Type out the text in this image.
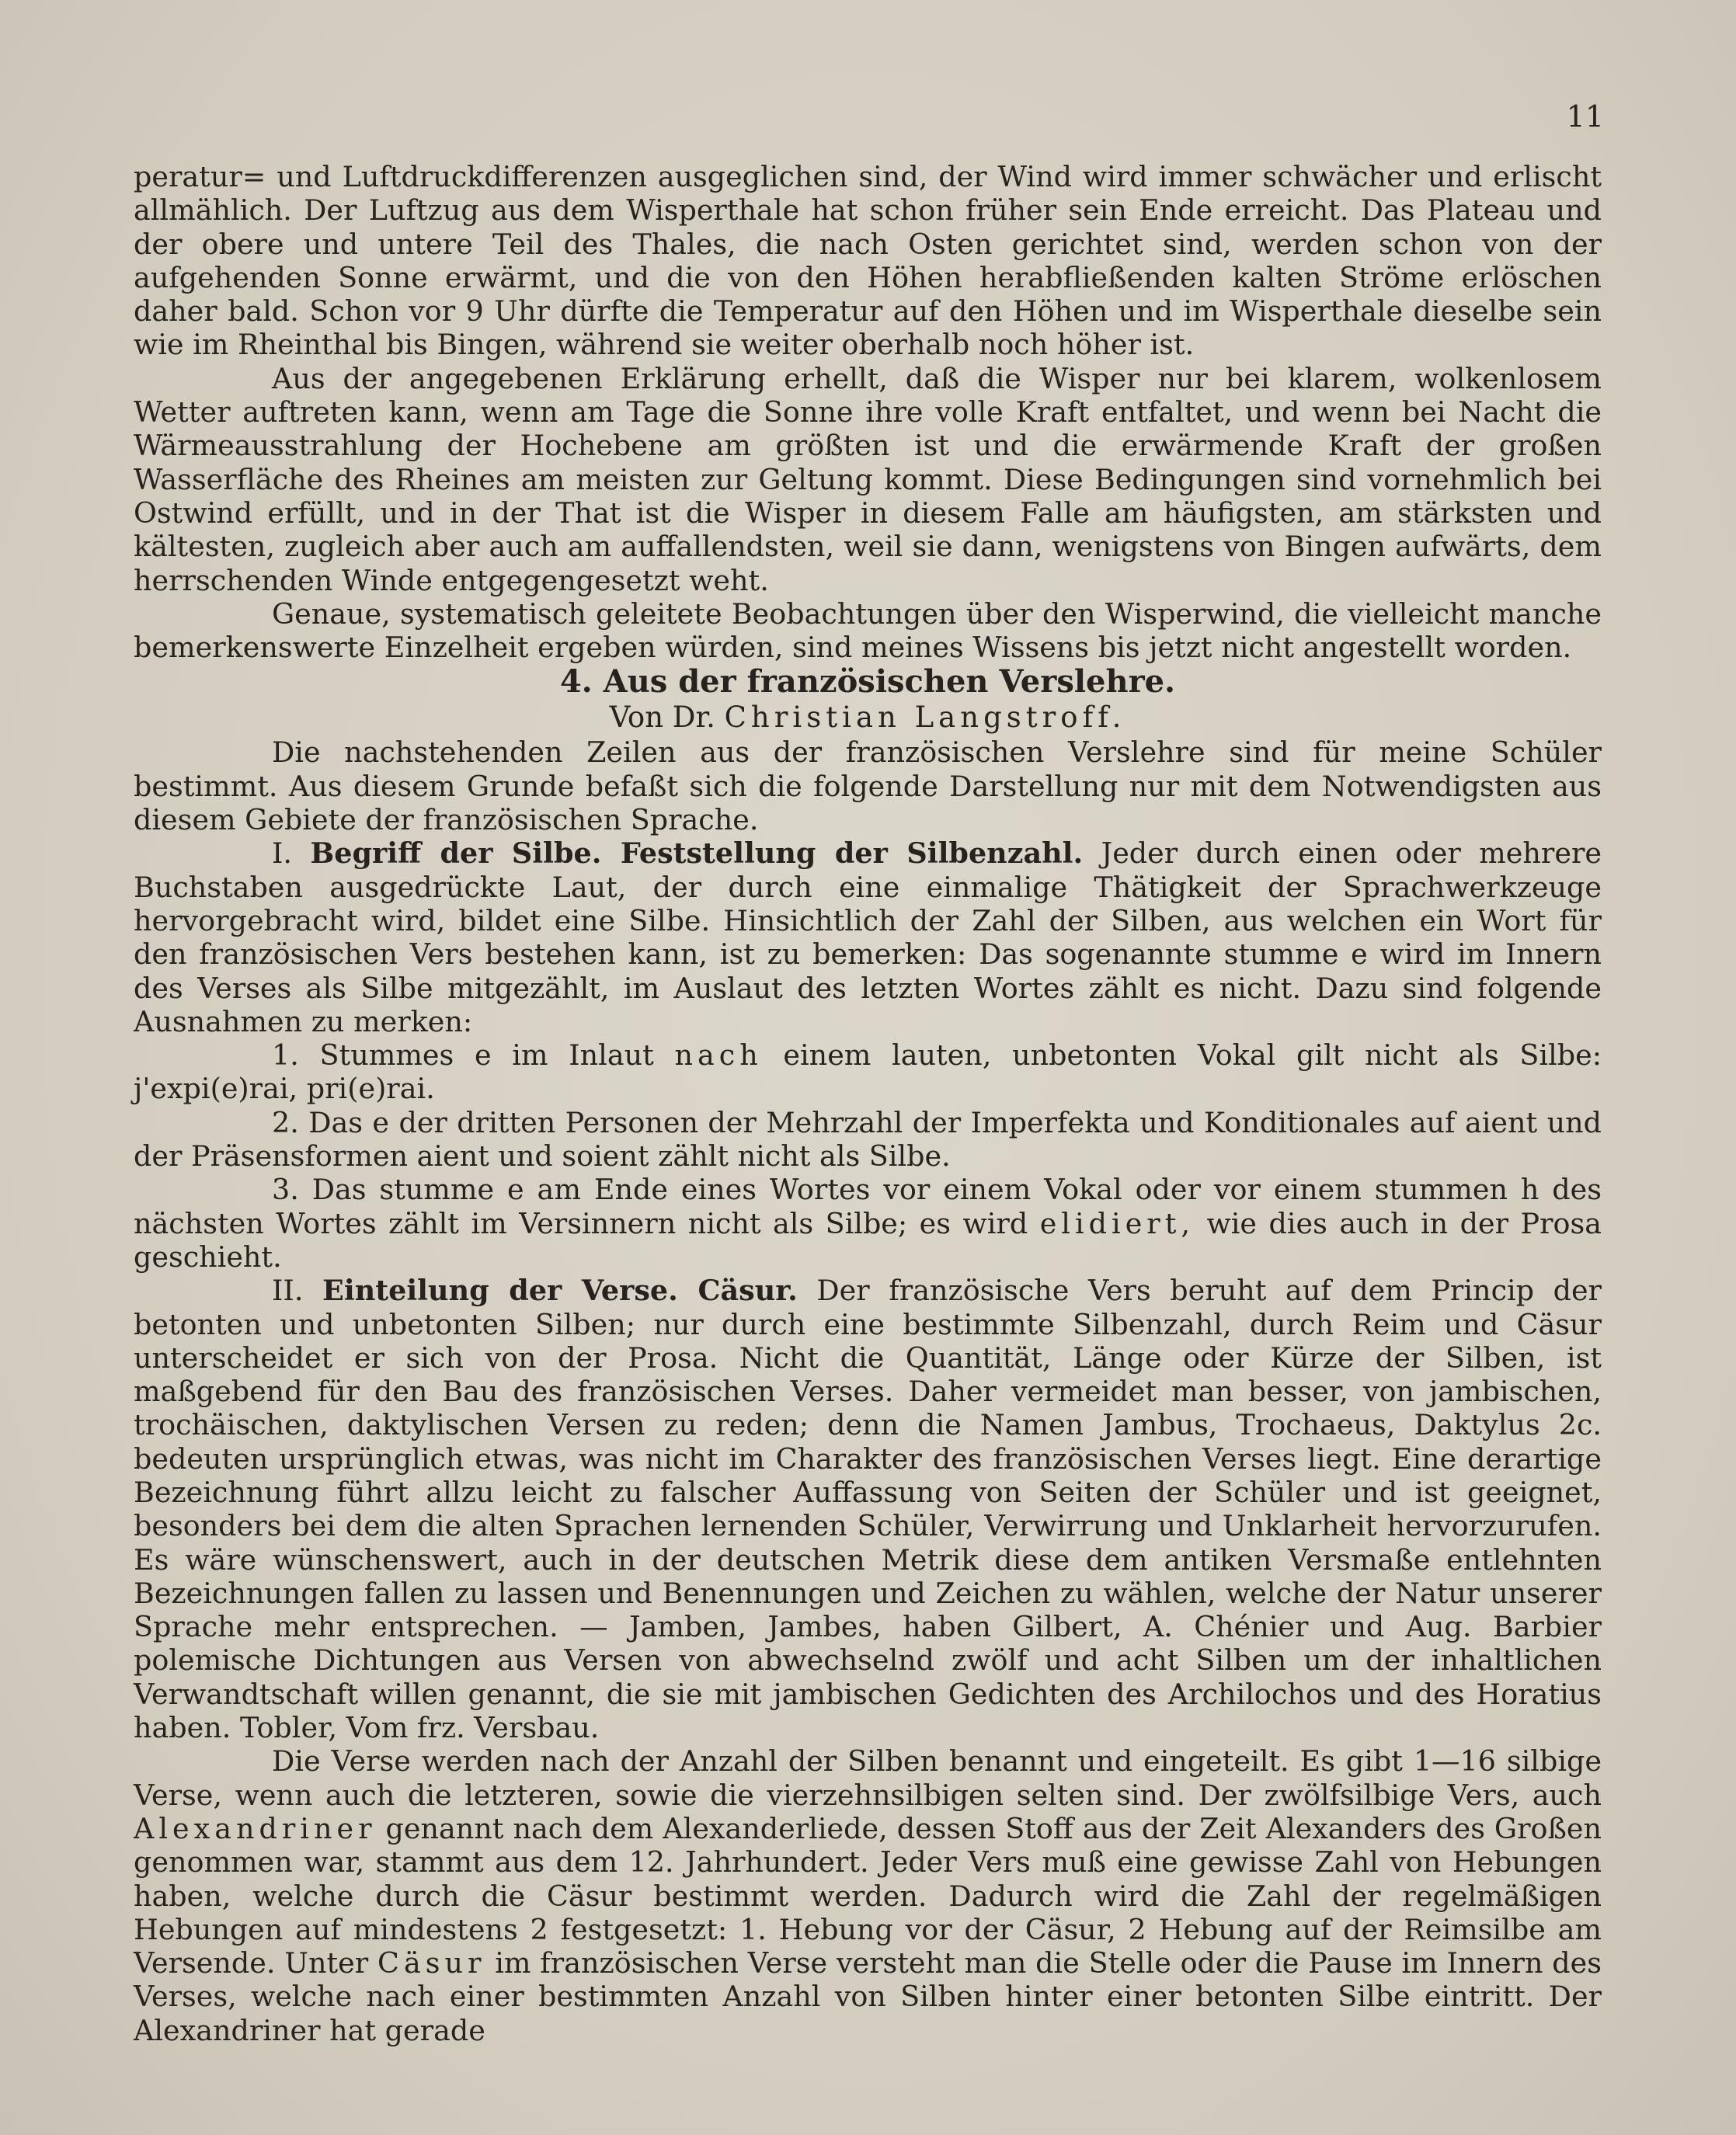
11

peratur= und Luftdruckdifferenzen ausgeglichen sind, der Wind wird immer schwächer und erlischt allmählich. Der Luftzug aus dem Wisperthale hat schon früher sein Ende erreicht. Das Plateau und der obere und untere Teil des Thales, die nach Osten gerichtet sind, werden schon von der aufgehenden Sonne erwärmt, und die von den Höhen herabfließenden kalten Ströme erlöschen daher bald. Schon vor 9 Uhr dürfte die Temperatur auf den Höhen und im Wisperthale dieselbe sein wie im Rheinthal bis Bingen, während sie weiter oberhalb noch höher ist.

Aus der angegebenen Erklärung erhellt, daß die Wisper nur bei klarem, wolkenlosem Wetter auftreten kann, wenn am Tage die Sonne ihre volle Kraft entfaltet, und wenn bei Nacht die Wärmeausstrahlung der Hochebene am größten ist und die erwärmende Kraft der großen Wasserfläche des Rheines am meisten zur Geltung kommt. Diese Bedingungen sind vornehmlich bei Ostwind erfüllt, und in der That ist die Wisper in diesem Falle am häufigsten, am stärksten und kältesten, zugleich aber auch am auffallendsten, weil sie dann, wenigstens von Bingen aufwärts, dem herrschenden Winde entgegengesetzt weht.

Genaue, systematisch geleitete Beobachtungen über den Wisperwind, die vielleicht manche bemerkenswerte Einzelheit ergeben würden, sind meines Wissens bis jetzt nicht angestellt worden.

4. Aus der französischen Verslehre.

Von Dr. Christian Langstroff.

Die nachstehenden Zeilen aus der französischen Verslehre sind für meine Schüler bestimmt. Aus diesem Grunde befaßt sich die folgende Darstellung nur mit dem Notwendigsten aus diesem Gebiete der französischen Sprache.

I. Begriff der Silbe. Feststellung der Silbenzahl. Jeder durch einen oder mehrere Buchstaben ausgedrückte Laut, der durch eine einmalige Thätigkeit der Sprachwerkzeuge hervorgebracht wird, bildet eine Silbe. Hinsichtlich der Zahl der Silben, aus welchen ein Wort für den französischen Vers bestehen kann, ist zu bemerken: Das sogenannte stumme e wird im Innern des Verses als Silbe mitgezählt, im Auslaut des letzten Wortes zählt es nicht. Dazu sind folgende Ausnahmen zu merken:

1. Stummes e im Inlaut nach einem lauten, unbetonten Vokal gilt nicht als Silbe: j'expi(e)rai, pri(e)rai.

2. Das e der dritten Personen der Mehrzahl der Imperfekta und Konditionales auf aient und der Präsensformen aient und soient zählt nicht als Silbe.

3. Das stumme e am Ende eines Wortes vor einem Vokal oder vor einem stummen h des nächsten Wortes zählt im Versinnern nicht als Silbe; es wird elidiert, wie dies auch in der Prosa geschieht.

II. Einteilung der Verse. Cäsur. Der französische Vers beruht auf dem Princip der betonten und unbetonten Silben; nur durch eine bestimmte Silbenzahl, durch Reim und Cäsur unterscheidet er sich von der Prosa. Nicht die Quantität, Länge oder Kürze der Silben, ist maßgebend für den Bau des französischen Verses. Daher vermeidet man besser, von jambischen, trochäischen, daktylischen Versen zu reden; denn die Namen Jambus, Trochaeus, Daktylus 2c. bedeuten ursprünglich etwas, was nicht im Charakter des französischen Verses liegt. Eine derartige Bezeichnung führt allzu leicht zu falscher Auffassung von Seiten der Schüler und ist geeignet, besonders bei dem die alten Sprachen lernenden Schüler, Verwirrung und Unklarheit hervorzurufen. Es wäre wünschenswert, auch in der deutschen Metrik diese dem antiken Versmaße entlehnten Bezeichnungen fallen zu lassen und Benennungen und Zeichen zu wählen, welche der Natur unserer Sprache mehr entsprechen. — Jamben, Jambes, haben Gilbert, A. Chénier und Aug. Barbier polemische Dichtungen aus Versen von abwechselnd zwölf und acht Silben um der inhaltlichen Verwandtschaft willen genannt, die sie mit jambischen Gedichten des Archilochos und des Horatius haben. Tobler, Vom frz. Versbau.

Die Verse werden nach der Anzahl der Silben benannt und eingeteilt. Es gibt 1—16 silbige Verse, wenn auch die letzteren, sowie die vierzehnsilbigen selten sind. Der zwölfsilbige Vers, auch Alexandriner genannt nach dem Alexanderliede, dessen Stoff aus der Zeit Alexanders des Großen genommen war, stammt aus dem 12. Jahrhundert. Jeder Vers muß eine gewisse Zahl von Hebungen haben, welche durch die Cäsur bestimmt werden. Dadurch wird die Zahl der regelmäßigen Hebungen auf mindestens 2 festgesetzt: 1. Hebung vor der Cäsur, 2 Hebung auf der Reimsilbe am Versende. Unter Cäsur im französischen Verse versteht man die Stelle oder die Pause im Innern des Verses, welche nach einer bestimmten Anzahl von Silben hinter einer betonten Silbe eintritt. Der Alexandriner hat gerade
